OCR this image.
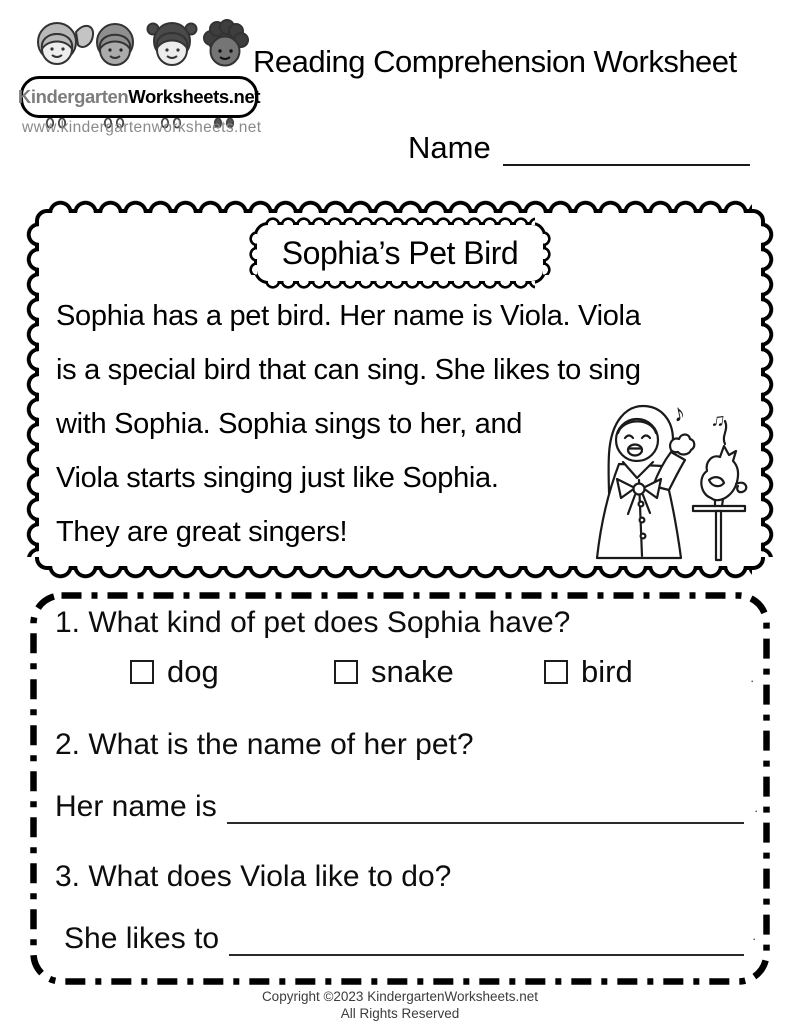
Kindergarten Worksheets.net
www.kindergartenworksheets.net
Reading Comprehension Worksheet
Name
Sophia’s Pet Bird
Sophia has a pet bird. Her name is Viola. Viola
is a special bird that can sing. She likes to sing
with Sophia. Sophia sings to her, and
Viola starts singing just like Sophia.
They are great singers!
♪ ♫
1. What kind of pet does Sophia have?
dog	snake	bird	.
2. What is the name of her pet?
Her name is	.
3. What does Viola like to do?
She likes to	.
Copyright ©2023 KindergartenWorksheets.net
All Rights Reserved
